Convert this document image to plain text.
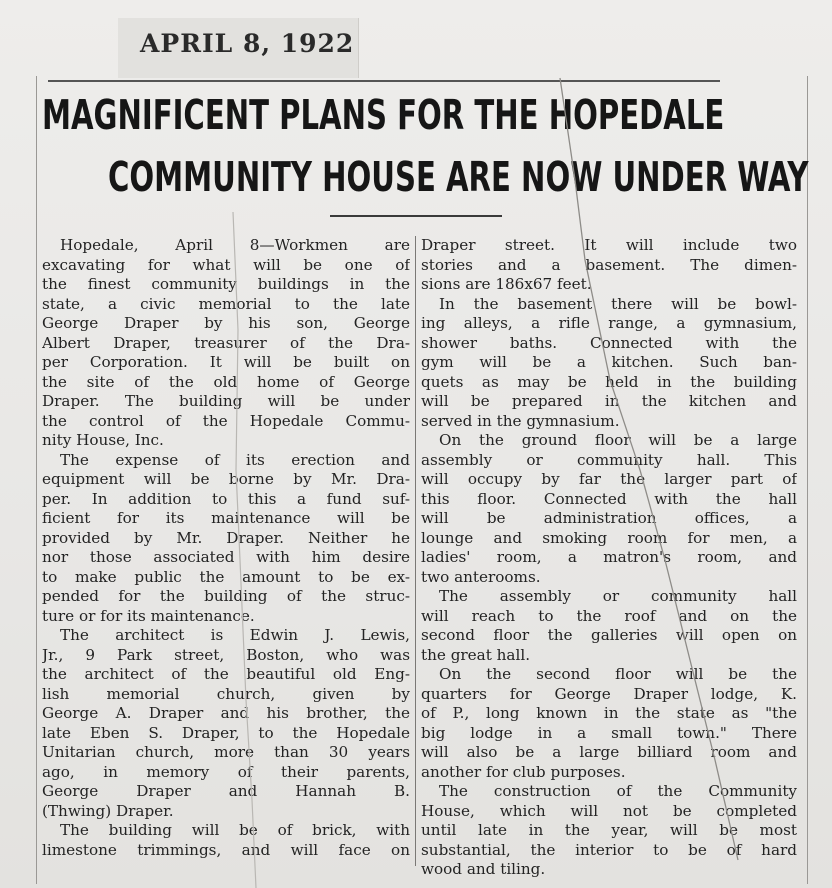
APRIL 8, 1922
MAGNIFICENT PLANS FOR THE HOPEDALE
COMMUNITY HOUSE ARE NOW UNDER WAY
Hopedale, April 8—Workmen are
excavating for what will be one of
the finest community buildings in the
state, a civic memorial to the late
George Draper by his son, George
Albert Draper, treasurer of the Dra-
per Corporation. It will be built on
the site of the old home of George
Draper. The building will be under
the control of the Hopedale Commu-
nity House, Inc.
The expense of its erection and
equipment will be borne by Mr. Dra-
per. In addition to this a fund suf-
ficient for its maintenance will be
provided by Mr. Draper. Neither he
nor those associated with him desire
to make public the amount to be ex-
pended for the building of the struc-
ture or for its maintenance.
The architect is Edwin J. Lewis,
Jr., 9 Park street, Boston, who was
the architect of the beautiful old Eng-
lish memorial church, given by
George A. Draper and his brother, the
late Eben S. Draper, to the Hopedale
Unitarian church, more than 30 years
ago, in memory of their parents,
George Draper and Hannah B.
(Thwing) Draper.
The building will be of brick, with
limestone trimmings, and will face on
Draper street. It will include two
stories and a basement. The dimen-
sions are 186x67 feet.
In the basement there will be bowl-
ing alleys, a rifle range, a gymnasium,
shower baths. Connected with the
gym will be a kitchen. Such ban-
quets as may be held in the building
will be prepared in the kitchen and
served in the gymnasium.
On the ground floor will be a large
assembly or community hall. This
will occupy by far the larger part of
this floor. Connected with the hall
will be administration offices, a
lounge and smoking room for men, a
ladies' room, a matron's room, and
two anterooms.
The assembly or community hall
will reach to the roof and on the
second floor the galleries will open on
the great hall.
On the second floor will be the
quarters for George Draper lodge, K.
of P., long known in the state as "the
big lodge in a small town." There
will also be a large billiard room and
another for club purposes.
The construction of the Community
House, which will not be completed
until late in the year, will be most
substantial, the interior to be of hard
wood and tiling.
